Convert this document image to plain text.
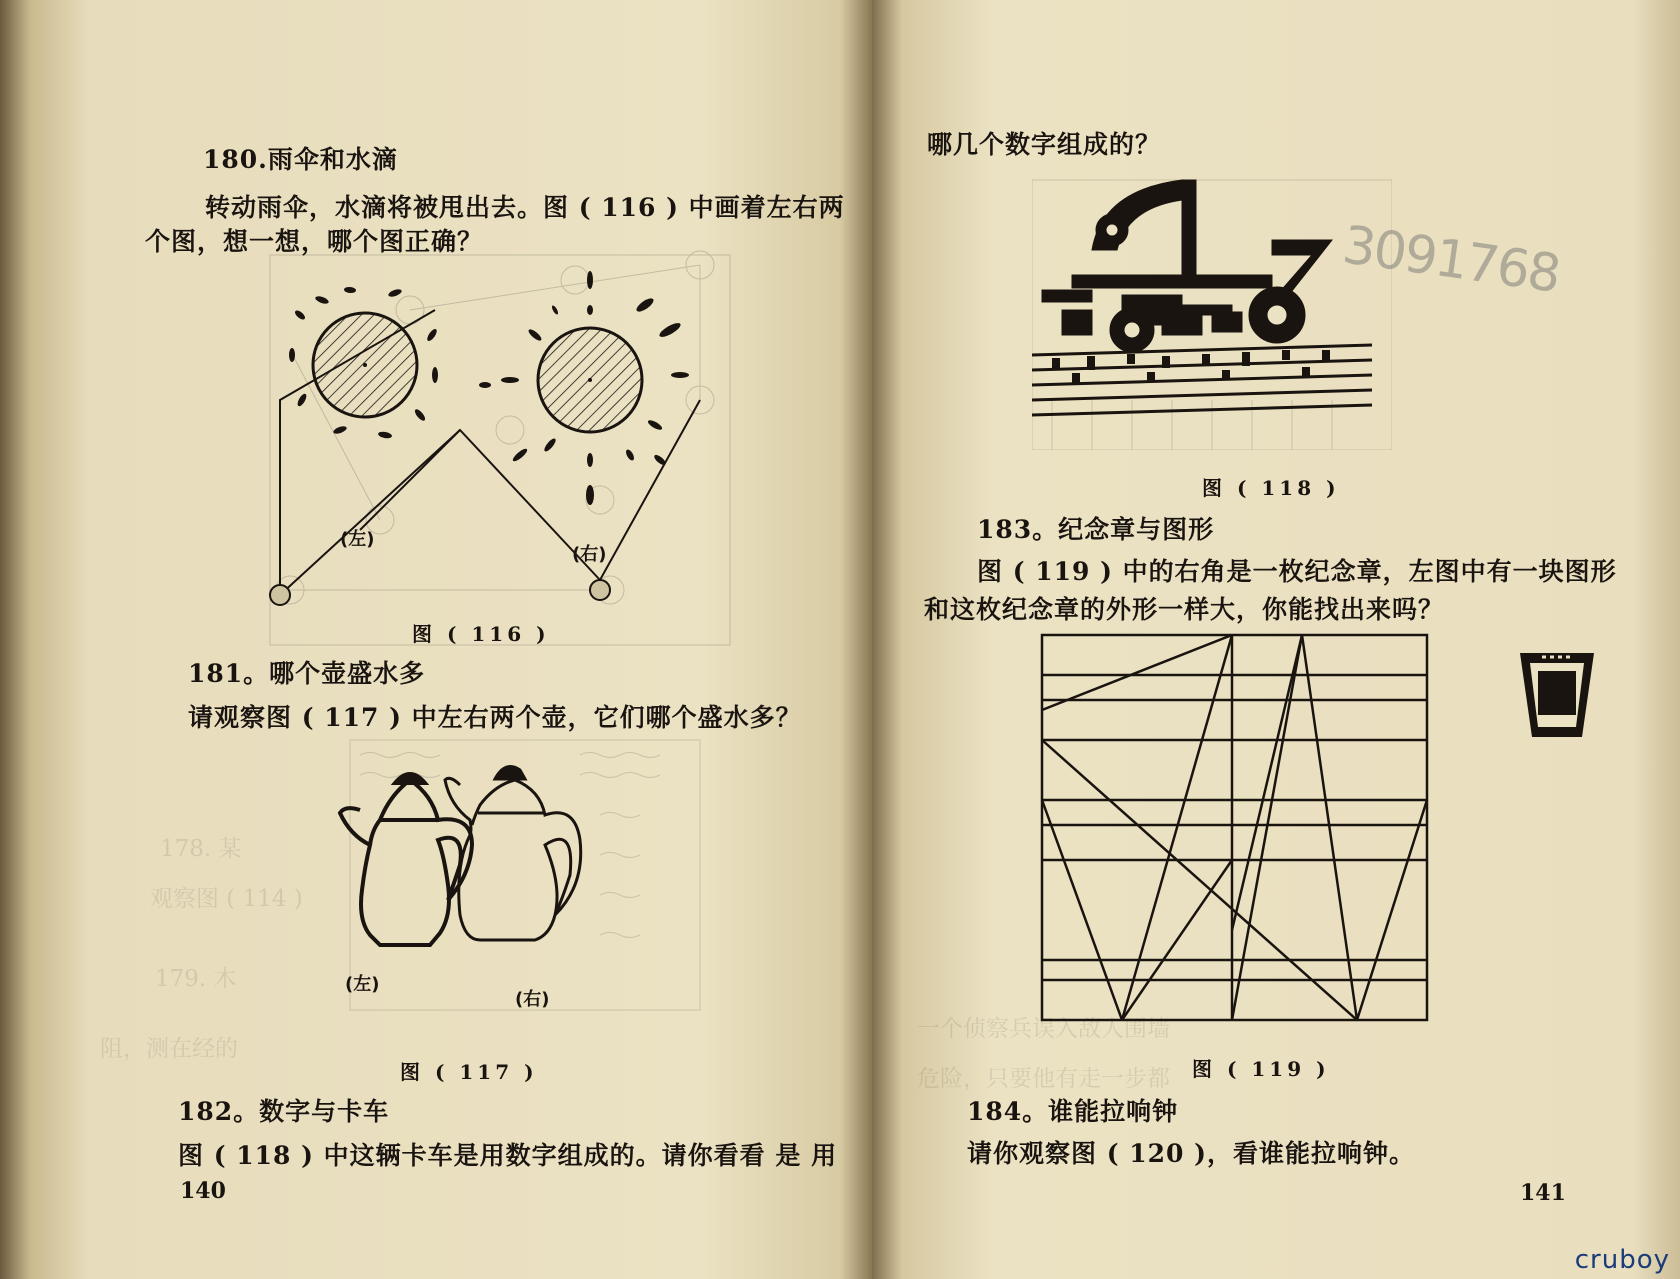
178. 某
观察图 ( 114 )
179. 木
阻，测在经的
180.雨伞和水滴
转动雨伞，水滴将被甩出去。图 ( 116 ) 中画着左右两
个图，想一想，哪个图正确？
(左)
(右)
图 ( 116 )
181。哪个壶盛水多
请观察图 ( 117 ) 中左右两个壶，它们哪个盛水多？
(左)
(右)
图 ( 117 )
182。数字与卡车
图 ( 118 ) 中这辆卡车是用数字组成的。请你看看 是 用
140
一个侦察兵误入敌人围墙
危险，只要他有走一步都
哪几个数字组成的？
3091768
图 ( 118 )
183。纪念章与图形
图 ( 119 ) 中的右角是一枚纪念章，左图中有一块图形
和这枚纪念章的外形一样大，你能找出来吗？
图 ( 119 )
184。谁能拉响钟
请你观察图 ( 120 )，看谁能拉响钟。
141
cruboy
